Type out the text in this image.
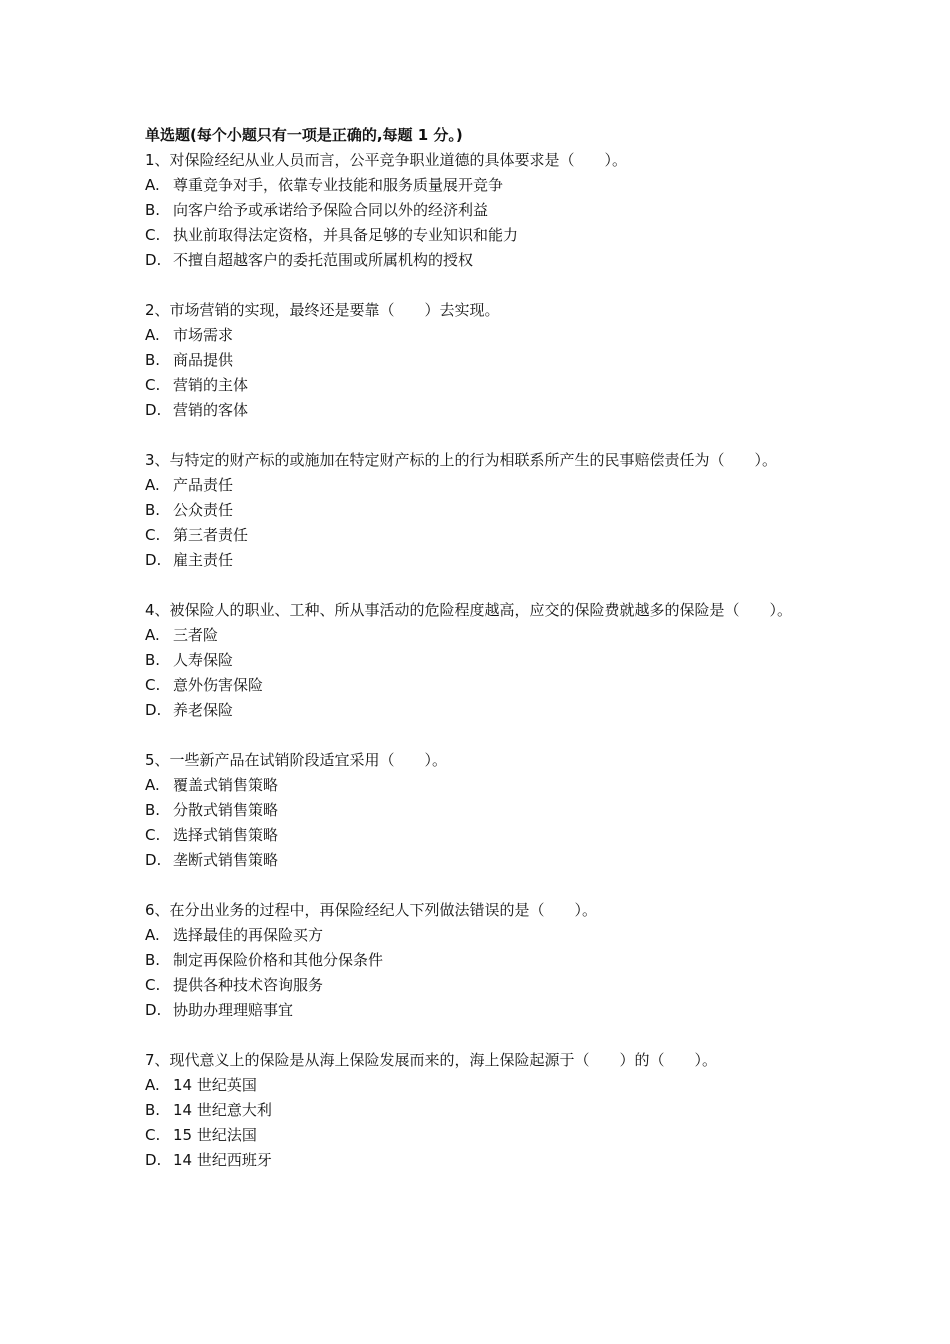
单选题(每个小题只有一项是正确的,每题 1 分。)
1、对保险经纪从业人员而言，公平竞争职业道德的具体要求是（　　）。
A. 尊重竞争对手，依靠专业技能和服务质量展开竞争
B. 向客户给予或承诺给予保险合同以外的经济利益
C. 执业前取得法定资格，并具备足够的专业知识和能力
D. 不擅自超越客户的委托范围或所属机构的授权
2、市场营销的实现，最终还是要靠（　　）去实现。
A. 市场需求
B. 商品提供
C. 营销的主体
D. 营销的客体
3、与特定的财产标的或施加在特定财产标的上的行为相联系所产生的民事赔偿责任为（　　）。
A. 产品责任
B. 公众责任
C. 第三者责任
D. 雇主责任
4、被保险人的职业、工种、所从事活动的危险程度越高，应交的保险费就越多的保险是（　　）。
A. 三者险
B. 人寿保险
C. 意外伤害保险
D. 养老保险
5、一些新产品在试销阶段适宜采用（　　）。
A. 覆盖式销售策略
B. 分散式销售策略
C. 选择式销售策略
D. 垄断式销售策略
6、在分出业务的过程中，再保险经纪人下列做法错误的是（　　）。
A. 选择最佳的再保险买方
B. 制定再保险价格和其他分保条件
C. 提供各种技术咨询服务
D. 协助办理理赔事宜
7、现代意义上的保险是从海上保险发展而来的，海上保险起源于（　　）的（　　）。
A. 14 世纪英国
B. 14 世纪意大利
C. 15 世纪法国
D. 14 世纪西班牙
